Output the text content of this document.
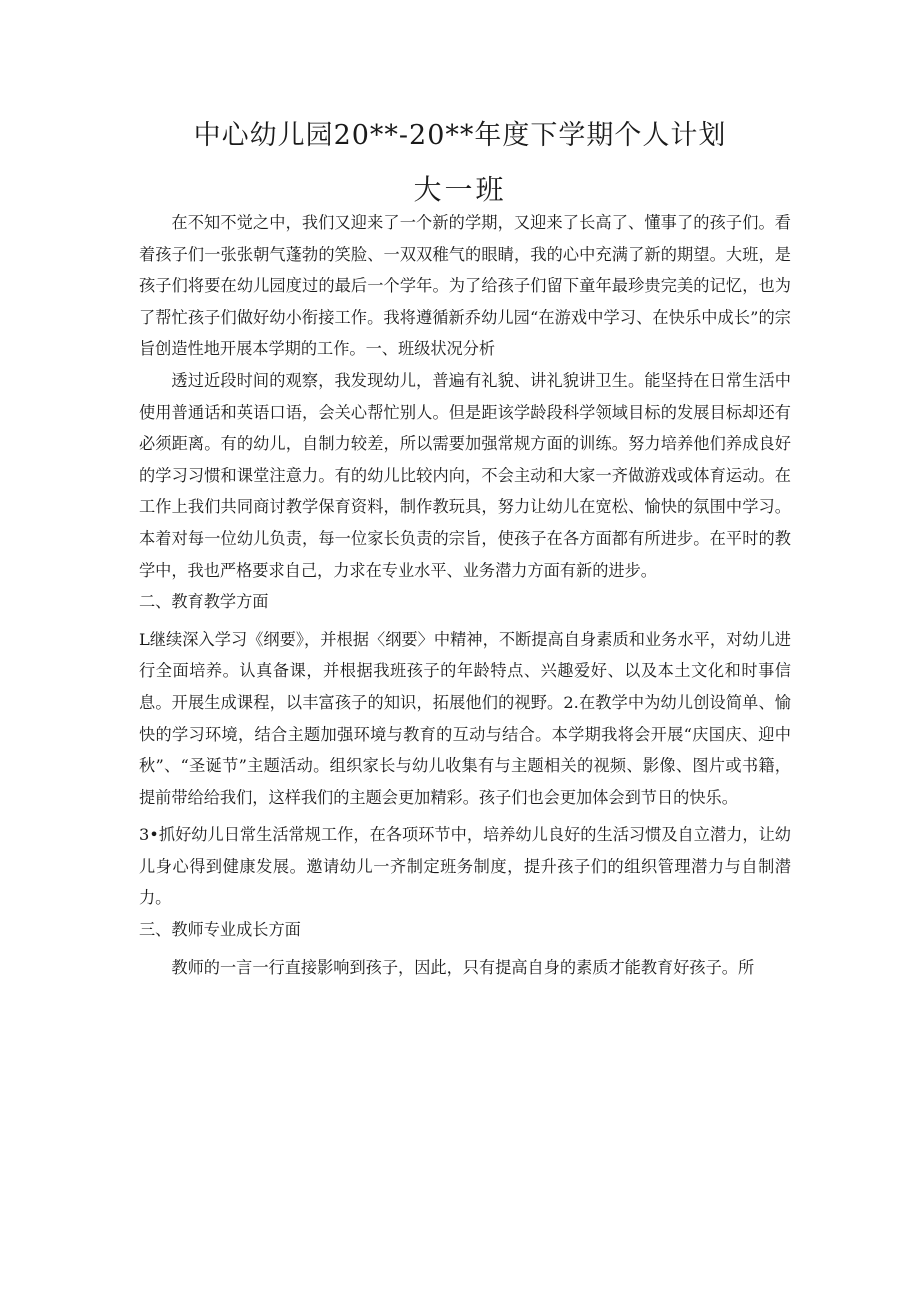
中心幼儿园20**-20**年度下学期个人计划
大一班

在不知不觉之中，我们又迎来了一个新的学期，又迎来了长高了、懂事了的孩子们。看着孩子们一张张朝气蓬勃的笑脸、一双双稚气的眼睛，我的心中充满了新的期望。大班，是孩子们将要在幼儿园度过的最后一个学年。为了给孩子们留下童年最珍贵完美的记忆，也为了帮忙孩子们做好幼小衔接工作。我将遵循新乔幼儿园“在游戏中学习、在快乐中成长”的宗旨创造性地开展本学期的工作。一、班级状况分析

透过近段时间的观察，我发现幼儿，普遍有礼貌、讲礼貌讲卫生。能坚持在日常生活中使用普通话和英语口语，会关心帮忙别人。但是距该学龄段科学领域目标的发展目标却还有必须距离。有的幼儿，自制力较差，所以需要加强常规方面的训练。努力培养他们养成良好的学习习惯和课堂注意力。有的幼儿比较内向，不会主动和大家一齐做游戏或体育运动。在工作上我们共同商讨教学保育资料，制作教玩具，努力让幼儿在宽松、愉快的氛围中学习。本着对每一位幼儿负责，每一位家长负责的宗旨，使孩子在各方面都有所进步。在平时的教学中，我也严格要求自己，力求在专业水平、业务潜力方面有新的进步。

二、教育教学方面

L继续深入学习《纲要》，并根据〈纲要〉中精神，不断提高自身素质和业务水平，对幼儿进行全面培养。认真备课，并根据我班孩子的年龄特点、兴趣爱好、以及本土文化和时事信息。开展生成课程，以丰富孩子的知识，拓展他们的视野。2.在教学中为幼儿创设简单、愉快的学习环境，结合主题加强环境与教育的互动与结合。本学期我将会开展“庆国庆、迎中秋”、“圣诞节”主题活动。组织家长与幼儿收集有与主题相关的视频、影像、图片或书籍，提前带给给我们，这样我们的主题会更加精彩。孩子们也会更加体会到节日的快乐。

3•抓好幼儿日常生活常规工作，在各项环节中，培养幼儿良好的生活习惯及自立潜力，让幼儿身心得到健康发展。邀请幼儿一齐制定班务制度，提升孩子们的组织管理潜力与自制潜力。

三、教师专业成长方面

教师的一言一行直接影响到孩子，因此，只有提高自身的素质才能教育好孩子。所
